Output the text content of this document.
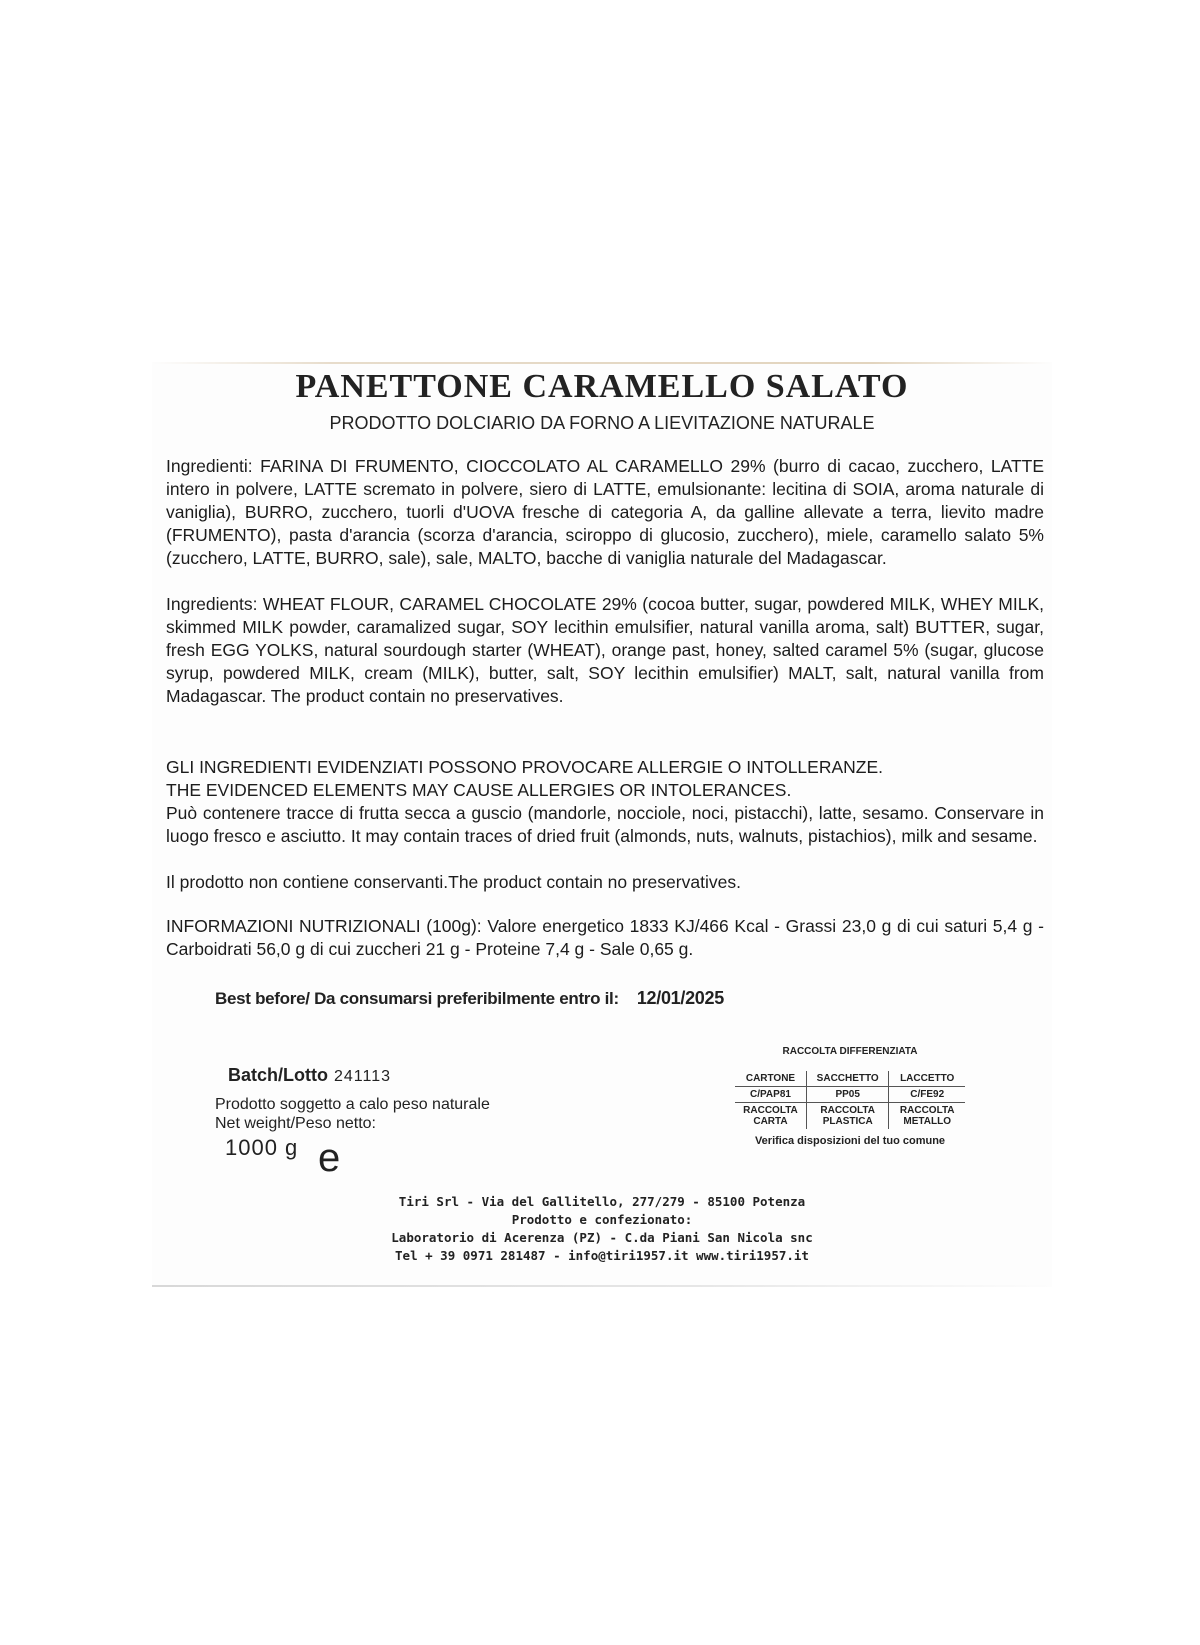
PANETTONE CARAMELLO SALATO
PRODOTTO DOLCIARIO DA FORNO A LIEVITAZIONE NATURALE

Ingredienti: FARINA DI FRUMENTO, CIOCCOLATO AL CARAMELLO 29% (burro di cacao, zucchero, LATTE intero in polvere, LATTE scremato in polvere, siero di LATTE, emulsionante: lecitina di SOIA, aroma naturale di vaniglia), BURRO, zucchero, tuorli d'UOVA fresche di categoria A, da galline allevate a terra, lievito madre (FRUMENTO), pasta d'arancia (scorza d'arancia, sciroppo di glucosio, zucchero), miele, caramello salato 5% (zucchero, LATTE, BURRO, sale), sale, MALTO, bacche di vaniglia naturale del Madagascar.

Ingredients: WHEAT FLOUR, CARAMEL CHOCOLATE 29% (cocoa butter, sugar, powdered MILK, WHEY MILK, skimmed MILK powder, caramalized sugar, SOY lecithin emulsifier, natural vanilla aroma, salt) BUTTER, sugar, fresh EGG YOLKS, natural sourdough starter (WHEAT), orange past, honey, salted caramel 5% (sugar, glucose syrup, powdered MILK, cream (MILK), butter, salt, SOY lecithin emulsifier) MALT, salt, natural vanilla from Madagascar. The product contain no preservatives.

GLI INGREDIENTI EVIDENZIATI POSSONO PROVOCARE ALLERGIE O INTOLLERANZE.

THE EVIDENCED ELEMENTS MAY CAUSE ALLERGIES OR INTOLERANCES.

Può contenere tracce di frutta secca a guscio (mandorle, nocciole, noci, pistacchi), latte, sesamo. Conservare in luogo fresco e asciutto. It may contain traces of dried fruit (almonds, nuts, walnuts, pistachios), milk and sesame.

Il prodotto non contiene conservanti.The product contain no preservatives.

INFORMAZIONI NUTRIZIONALI (100g): Valore energetico 1833 KJ/466 Kcal - Grassi 23,0 g di cui saturi 5,4 g - Carboidrati 56,0 g di cui zuccheri 21 g - Proteine 7,4 g - Sale 0,65 g.

Best before/ Da consumarsi preferibilmente entro il: 12/01/2025
Batch/Lotto 241113
Prodotto soggetto a calo peso naturale
Net weight/Peso netto:
1000 g e
RACCOLTA DIFFERENZIATA
CARTONE	SACCHETTO	LACCETTO
C/PAP81	PP05	C/FE92
RACCOLTA CARTA	RACCOLTA PLASTICA	RACCOLTA METALLO
Verifica disposizioni del tuo comune
Tiri Srl - Via del Gallitello, 277/279 - 85100 Potenza
Prodotto e confezionato:
Laboratorio di Acerenza (PZ) - C.da Piani San Nicola snc
Tel + 39 0971 281487 - info@tiri1957.it www.tiri1957.it
